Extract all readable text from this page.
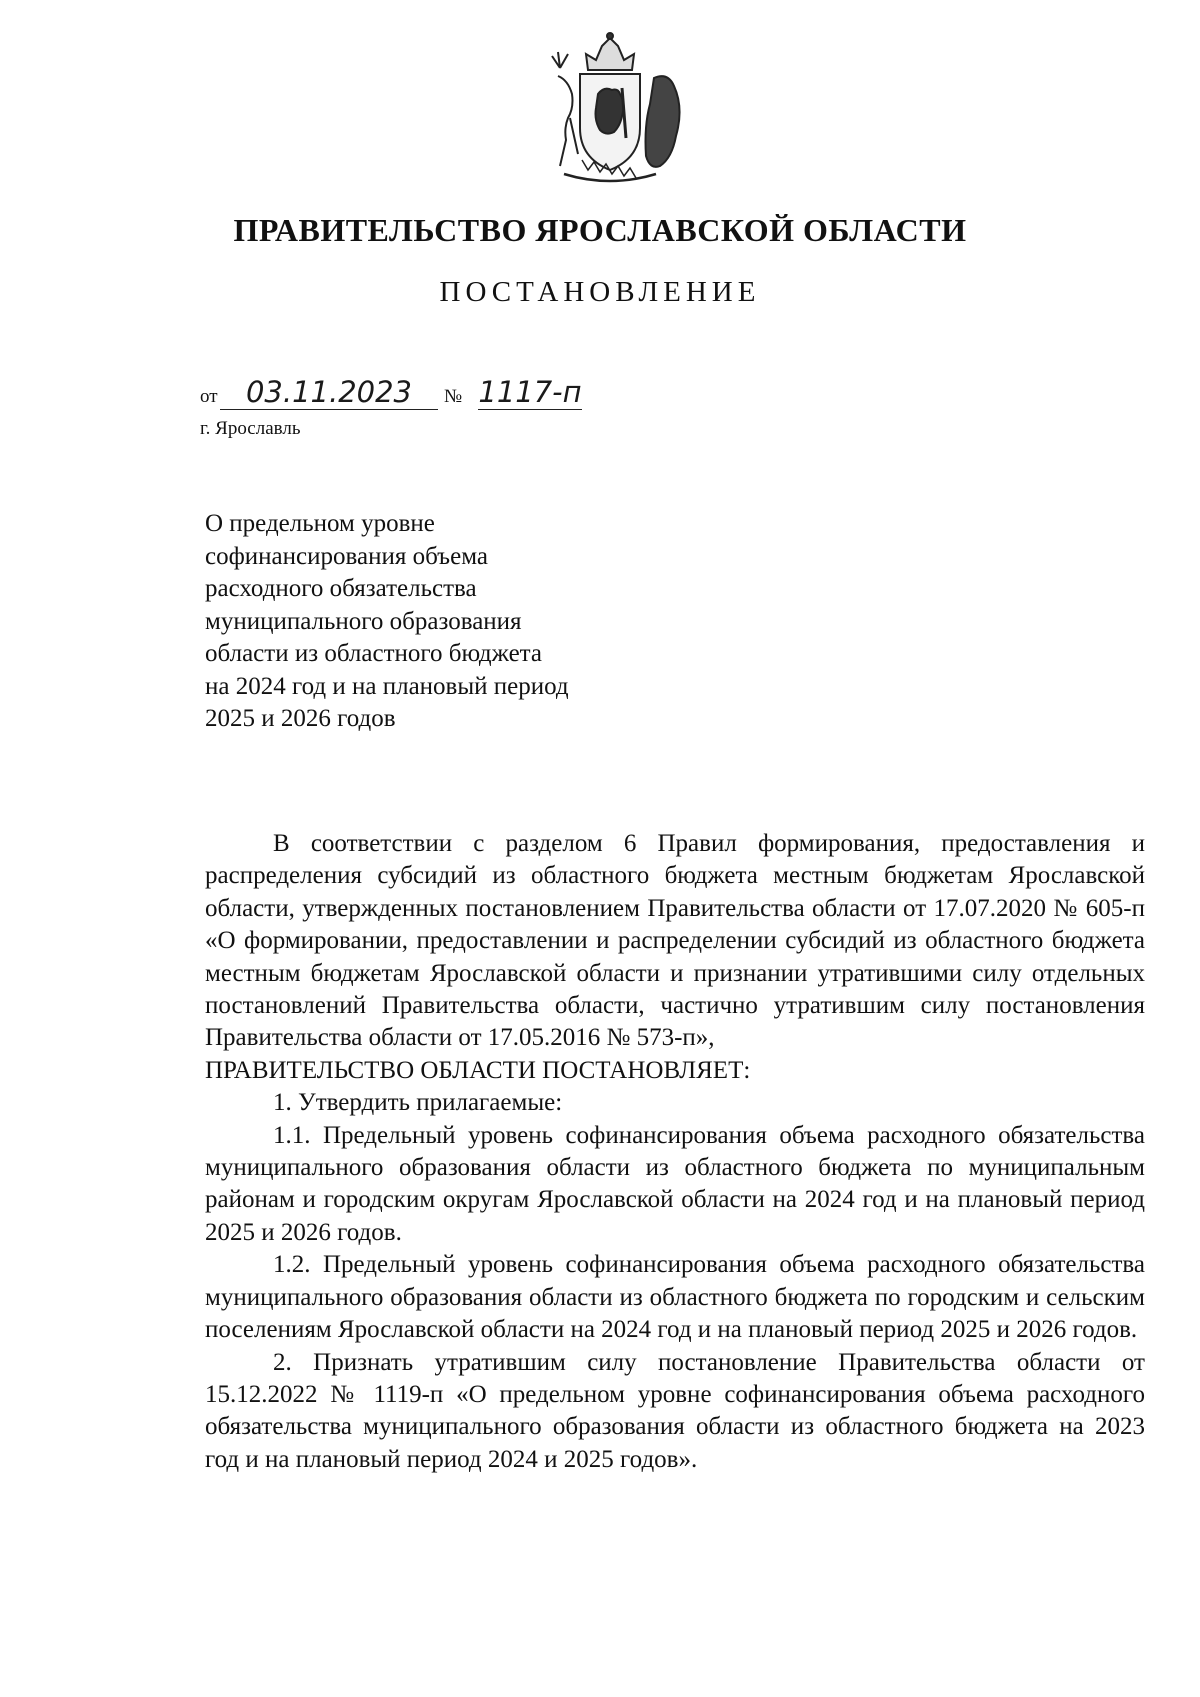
ПРАВИТЕЛЬСТВО ЯРОСЛАВСКОЙ ОБЛАСТИ
ПОСТАНОВЛЕНИЕ
от 03.11.2023	№ 1117-п
г. Ярославль
О предельном уровне
софинансирования объема
расходного обязательства
муниципального образования
области из областного бюджета
на 2024 год и на плановый период
2025 и 2026 годов

В соответствии с разделом 6 Правил формирования, предоставления и распределения субсидий из областного бюджета местным бюджетам Ярославской области, утвержденных постановлением Правительства области от 17.07.2020 № 605-п «О формировании, предоставлении и распределении субсидий из областного бюджета местным бюджетам Ярославской области и признании утратившими силу отдельных постановлений Правительства области, частично утратившим силу постановления Правительства области от 17.05.2016 № 573-п»,

ПРАВИТЕЛЬСТВО ОБЛАСТИ ПОСТАНОВЛЯЕТ:

1. Утвердить прилагаемые:

1.1. Предельный уровень софинансирования объема расходного обязательства муниципального образования области из областного бюджета по муниципальным районам и городским округам Ярославской области на 2024 год и на плановый период 2025 и 2026 годов.

1.2. Предельный уровень софинансирования объема расходного обязательства муниципального образования области из областного бюджета по городским и сельским поселениям Ярославской области на 2024 год и на плановый период 2025 и 2026 годов.

2. Признать утратившим силу постановление Правительства области от 15.12.2022 № 1119-п «О предельном уровне софинансирования объема расходного обязательства муниципального образования области из областного бюджета на 2023 год и на плановый период 2024 и 2025 годов».
